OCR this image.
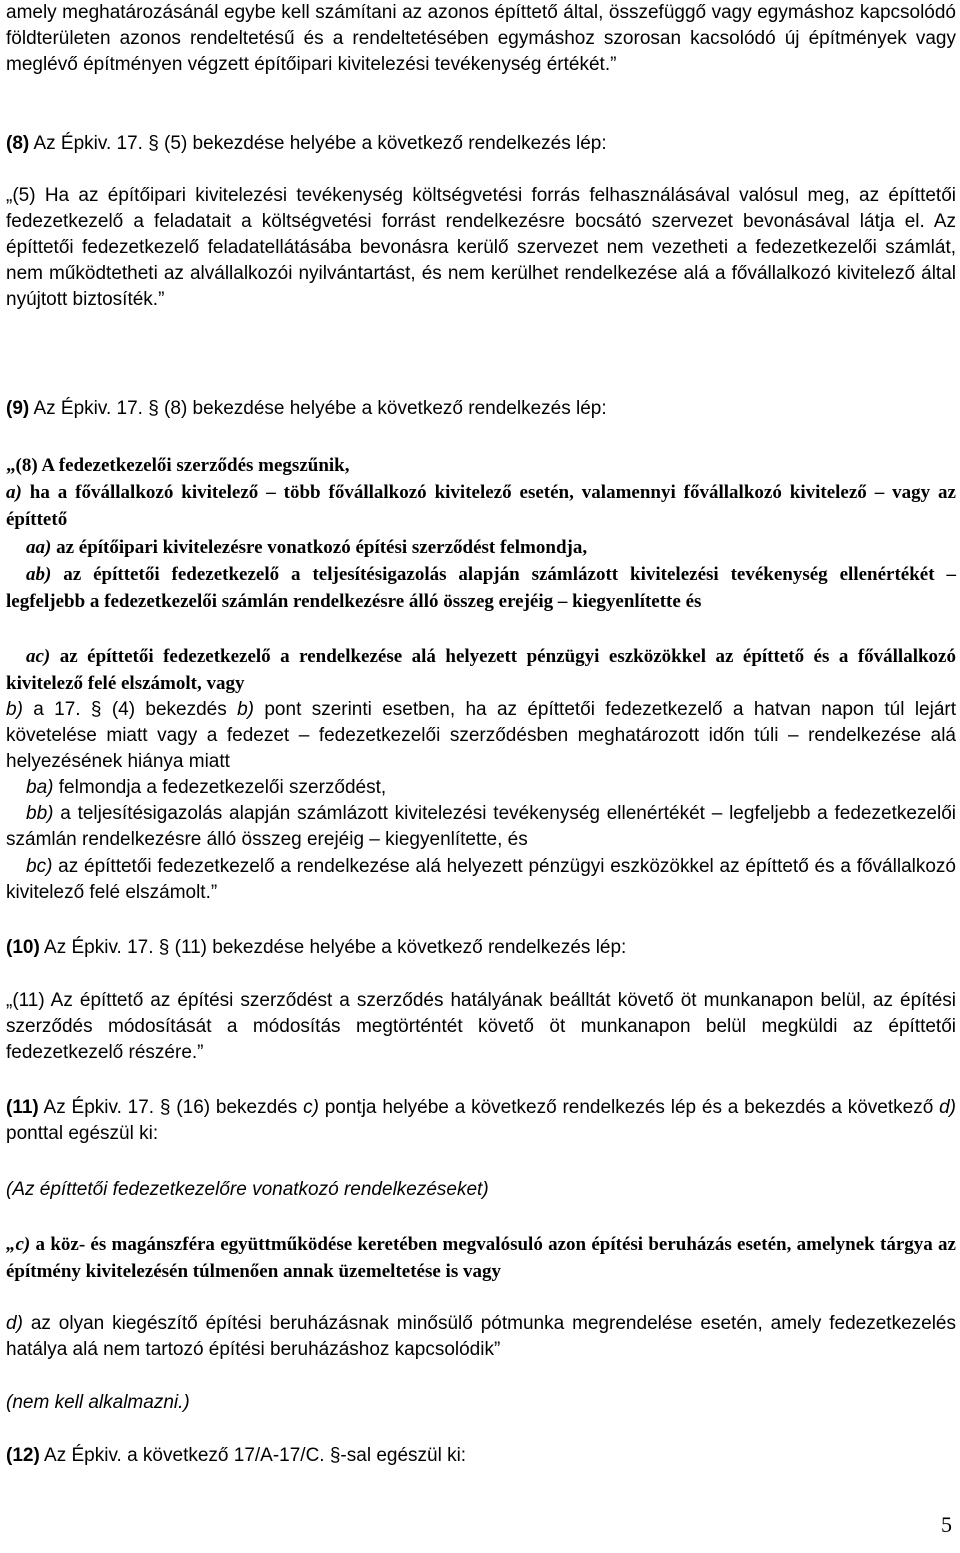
amely meghatározásánál egybe kell számítani az azonos építtető által, összefüggő vagy egymáshoz kapcsolódó földterületen azonos rendeltetésű és a rendeltetésében egymáshoz szorosan kacsolódó új építmények vagy meglévő építményen végzett építőipari kivitelezési tevékenység értékét.”

(8) Az Épkiv. 17. § (5) bekezdése helyébe a következő rendelkezés lép:

„(5) Ha az építőipari kivitelezési tevékenység költségvetési forrás felhasználásával valósul meg, az építtetői fedezetkezelő a feladatait a költségvetési forrást rendelkezésre bocsátó szervezet bevonásával látja el. Az építtetői fedezetkezelő feladatellátásába bevonásra kerülő szervezet nem vezetheti a fedezetkezelői számlát, nem működtetheti az alvállalkozói nyilvántartást, és nem kerülhet rendelkezése alá a fővállalkozó kivitelező által nyújtott biztosíték.”

(9) Az Épkiv. 17. § (8) bekezdése helyébe a következő rendelkezés lép:

„(8) A fedezetkezelői szerződés megszűnik,

a) ha a fővállalkozó kivitelező – több fővállalkozó kivitelező esetén, valamennyi fővállalkozó kivitelező – vagy az építtető

aa) az építőipari kivitelezésre vonatkozó építési szerződést felmondja,

ab) az építtetői fedezetkezelő a teljesítésigazolás alapján számlázott kivitelezési tevékenység ellenértékét – legfeljebb a fedezetkezelői számlán rendelkezésre álló összeg erejéig – kiegyenlítette és

ac) az építtetői fedezetkezelő a rendelkezése alá helyezett pénzügyi eszközökkel az építtető és a fővállalkozó kivitelező felé elszámolt, vagy

b) a 17. § (4) bekezdés b) pont szerinti esetben, ha az építtetői fedezetkezelő a hatvan napon túl lejárt követelése miatt vagy a fedezet – fedezetkezelői szerződésben meghatározott időn túli – rendelkezése alá helyezésének hiánya miatt

ba) felmondja a fedezetkezelői szerződést,

bb) a teljesítésigazolás alapján számlázott kivitelezési tevékenység ellenértékét – legfeljebb a fedezetkezelői számlán rendelkezésre álló összeg erejéig – kiegyenlítette, és

bc) az építtetői fedezetkezelő a rendelkezése alá helyezett pénzügyi eszközökkel az építtető és a fővállalkozó kivitelező felé elszámolt.”

(10) Az Épkiv. 17. § (11) bekezdése helyébe a következő rendelkezés lép:

„(11) Az építtető az építési szerződést a szerződés hatályának beálltát követő öt munkanapon belül, az építési szerződés módosítását a módosítás megtörténtét követő öt munkanapon belül megküldi az építtetői fedezetkezelő részére.”

(11) Az Épkiv. 17. § (16) bekezdés c) pontja helyébe a következő rendelkezés lép és a bekezdés a következő d) ponttal egészül ki:

(Az építtetői fedezetkezelőre vonatkozó rendelkezéseket)

„c) a köz- és magánszféra együttműködése keretében megvalósuló azon építési beruházás esetén, amelynek tárgya az építmény kivitelezésén túlmenően annak üzemeltetése is vagy

d) az olyan kiegészítő építési beruházásnak minősülő pótmunka megrendelése esetén, amely fedezetkezelés hatálya alá nem tartozó építési beruházáshoz kapcsolódik”

(nem kell alkalmazni.)

(12) Az Épkiv. a következő 17/A-17/C. §-sal egészül ki:

5
